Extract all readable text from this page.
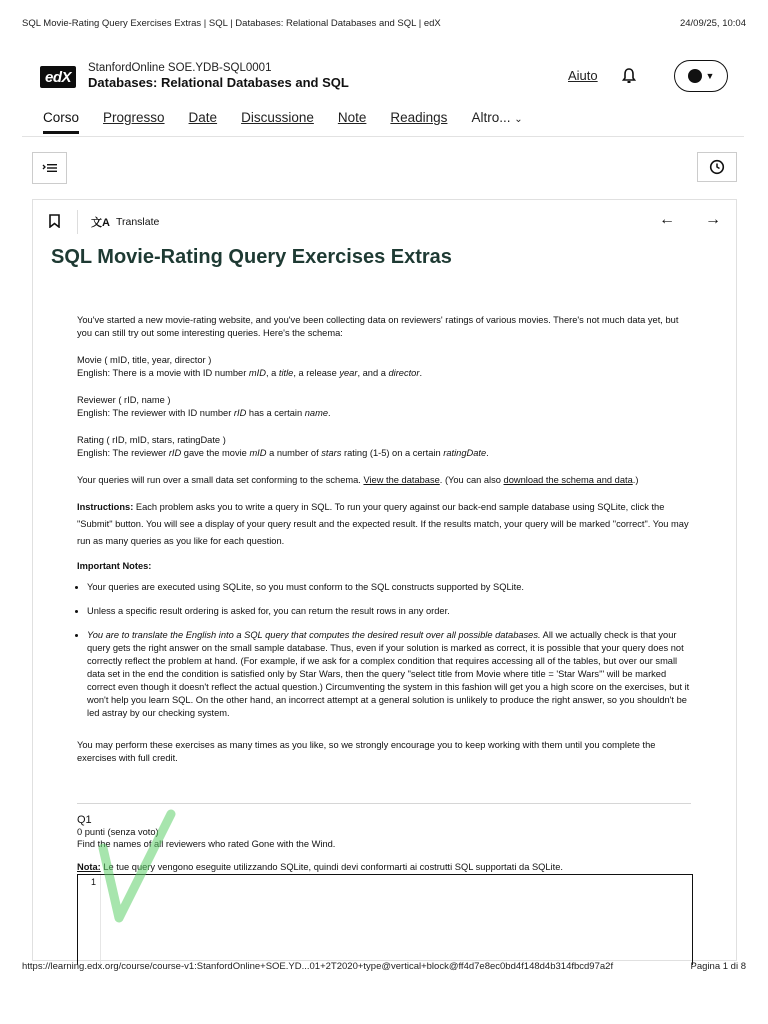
SQL Movie-Rating Query Exercises Extras | SQL | Databases: Relational Databases and SQL | edX	24/09/25, 10:04
edX
StanfordOnline SOE.YDB-SQL0001
Databases: Relational Databases and SQL	Aiuto	▼
Corso Progresso Date Discussione Note Readings Altro... ⌄
文A Translate	← →
SQL Movie-Rating Query Exercises Extras

You've started a new movie-rating website, and you've been collecting data on reviewers' ratings of various movies. There's not much data yet, but you can still try out some interesting queries. Here's the schema:

Movie ( mID, title, year, director )

English: There is a movie with ID number mID, a title, a release year, and a director.

Reviewer ( rID, name )

English: The reviewer with ID number rID has a certain name.

Rating ( rID, mID, stars, ratingDate )

English: The reviewer rID gave the movie mID a number of stars rating (1-5) on a certain ratingDate.

Your queries will run over a small data set conforming to the schema. View the database. (You can also download the schema and data.)

Instructions: Each problem asks you to write a query in SQL. To run your query against our back-end sample database using SQLite, click the "Submit" button. You will see a display of your query result and the expected result. If the results match, your query will be marked "correct". You may run as many queries as you like for each question.

Important Notes:

• Your queries are executed using SQLite, so you must conform to the SQL constructs supported by SQLite.
• Unless a specific result ordering is asked for, you can return the result rows in any order.
• You are to translate the English into a SQL query that computes the desired result over all possible databases. All we actually check is that your query gets the right answer on the small sample database. Thus, even if your solution is marked as correct, it is possible that your query does not correctly reflect the problem at hand. (For example, if we ask for a complex condition that requires accessing all of the tables, but over our small data set in the end the condition is satisfied only by Star Wars, then the query "select title from Movie where title = 'Star Wars'" will be marked correct even though it doesn't reflect the actual question.) Circumventing the system in this fashion will get you a high score on the exercises, but it won't help you learn SQL. On the other hand, an incorrect attempt at a general solution is unlikely to produce the right answer, so you shouldn't be led astray by our checking system.

You may perform these exercises as many times as you like, so we strongly encourage you to keep working with them until you complete the exercises with full credit.

Q1
0 punti (senza voto)
Find the names of all reviewers who rated Gone with the Wind.
Nota: Le tue query vengono eseguite utilizzando SQLite, quindi devi conformarti ai costrutti SQL supportati da SQLite.
1
https://learning.edx.org/course/course-v1:StanfordOnline+SOE.YD...01+2T2020+type@vertical+block@ff4d7e8ec0bd4f148d4b314fbcd97a2f	Pagina 1 di 8
